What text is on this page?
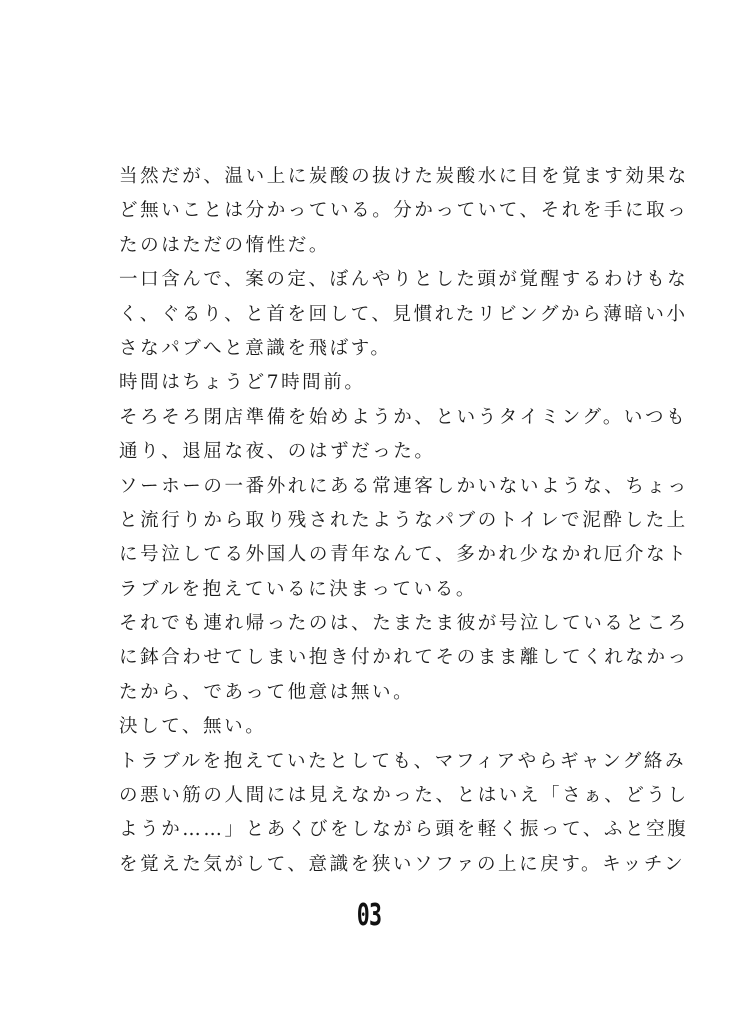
当然だが、温い上に炭酸の抜けた炭酸水に目を覚ます効果な
ど無いことは分かっている。分かっていて、それを手に取っ
たのはただの惰性だ。
一口含んで、案の定、ぼんやりとした頭が覚醒するわけもな
く、ぐるり、と首を回して、見慣れたリビングから薄暗い小
さなパブへと意識を飛ばす。
時間はちょうど7時間前。
そろそろ閉店準備を始めようか、というタイミング。いつも
通り、退屈な夜、のはずだった。
ソーホーの一番外れにある常連客しかいないような、ちょっ
と流行りから取り残されたようなパブのトイレで泥酔した上
に号泣してる外国人の青年なんて、多かれ少なかれ厄介なト
ラブルを抱えているに決まっている。
それでも連れ帰ったのは、たまたま彼が号泣しているところ
に鉢合わせてしまい抱き付かれてそのまま離してくれなかっ
たから、であって他意は無い。
決して、無い。
トラブルを抱えていたとしても、マフィアやらギャング絡み
の悪い筋の人間には見えなかった、とはいえ「さぁ、どうし
ようか……」とあくびをしながら頭を軽く振って、ふと空腹
を覚えた気がして、意識を狭いソファの上に戻す。キッチン
03
